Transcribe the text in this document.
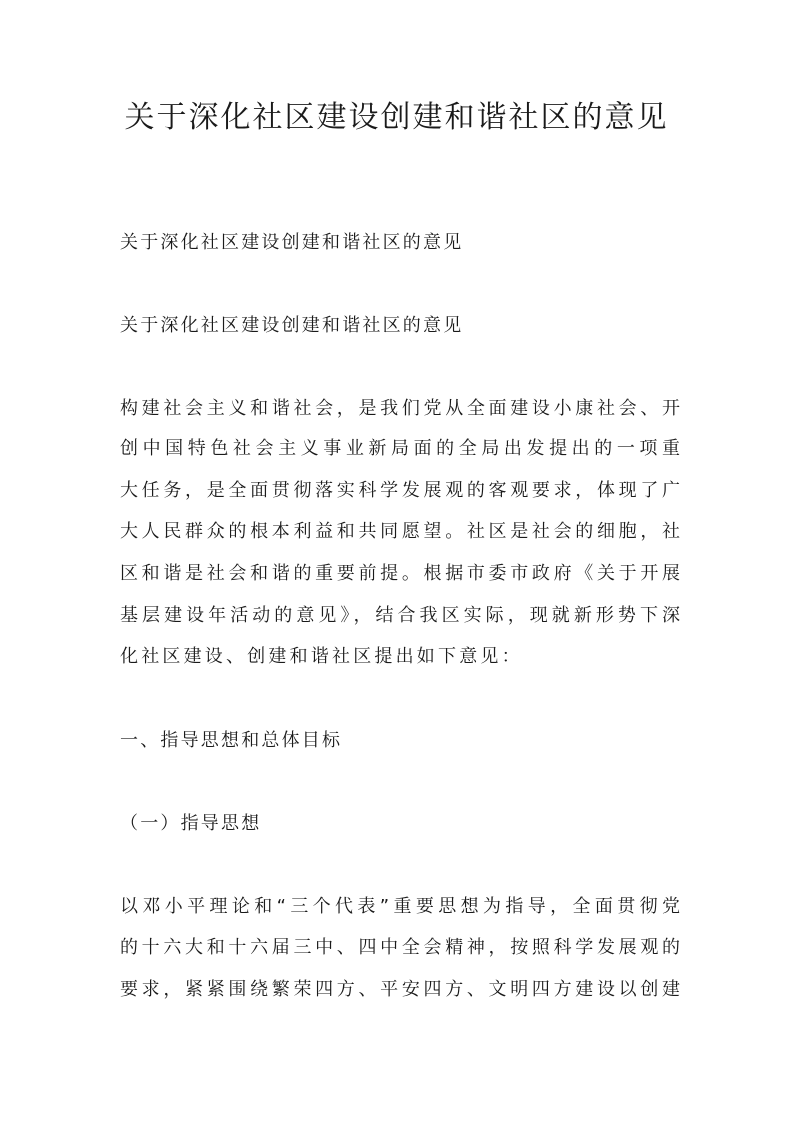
关于深化社区建设创建和谐社区的意见

关于深化社区建设创建和谐社区的意见

关于深化社区建设创建和谐社区的意见

构建社会主义和谐社会，是我们党从全面建设小康社会、开

创中国特色社会主义事业新局面的全局出发提出的一项重

大任务，是全面贯彻落实科学发展观的客观要求，体现了广

大人民群众的根本利益和共同愿望。社区是社会的细胞，社

区和谐是社会和谐的重要前提。根据市委市政府《关于开展

基层建设年活动的意见》，结合我区实际，现就新形势下深

化社区建设、创建和谐社区提出如下意见：

一、指导思想和总体目标

（一）指导思想

以邓小平理论和“三个代表”重要思想为指导，全面贯彻党

的十六大和十六届三中、四中全会精神，按照科学发展观的

要求，紧紧围绕繁荣四方、平安四方、文明四方建设以创建
